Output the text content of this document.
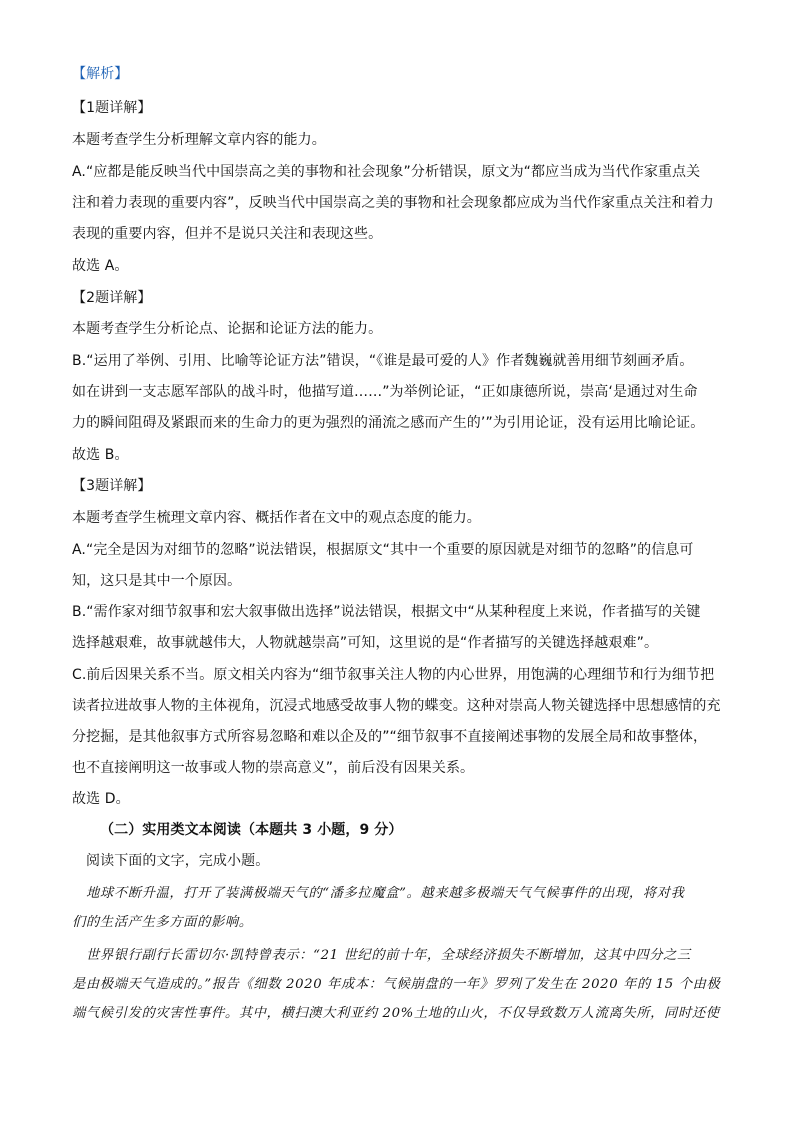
【解析】
【1题详解】
本题考查学生分析理解文章内容的能力。
A.“应都是能反映当代中国崇高之美的事物和社会现象”分析错误，原文为“都应当成为当代作家重点关
注和着力表现的重要内容”，反映当代中国崇高之美的事物和社会现象都应成为当代作家重点关注和着力
表现的重要内容，但并不是说只关注和表现这些。
故选 A。
【2题详解】
本题考查学生分析论点、论据和论证方法的能力。
B.“运用了举例、引用、比喻等论证方法”错误，“《谁是最可爱的人》作者魏巍就善用细节刻画矛盾。
如在讲到一支志愿军部队的战斗时，他描写道……”为举例论证，“正如康德所说，崇高‘是通过对生命
力的瞬间阻碍及紧跟而来的生命力的更为强烈的涌流之感而产生的’”为引用论证，没有运用比喻论证。
故选 B。
【3题详解】
本题考查学生梳理文章内容、概括作者在文中的观点态度的能力。
A.“完全是因为对细节的忽略”说法错误，根据原文“其中一个重要的原因就是对细节的忽略”的信息可
知，这只是其中一个原因。
B.“需作家对细节叙事和宏大叙事做出选择”说法错误，根据文中“从某种程度上来说，作者描写的关键
选择越艰难，故事就越伟大，人物就越崇高”可知，这里说的是“作者描写的关键选择越艰难”。
C.前后因果关系不当。原文相关内容为“细节叙事关注人物的内心世界，用饱满的心理细节和行为细节把
读者拉进故事人物的主体视角，沉浸式地感受故事人物的蝶变。这种对崇高人物关键选择中思想感情的充
分挖掘，是其他叙事方式所容易忽略和难以企及的”“细节叙事不直接阐述事物的发展全局和故事整体，
也不直接阐明这一故事或人物的崇高意义”，前后没有因果关系。
故选 D。
（二）实用类文本阅读（本题共 3 小题，9 分）
阅读下面的文字，完成小题。
地球不断升温，打开了装满极端天气的“潘多拉魔盒”。越来越多极端天气气候事件的出现，将对我
们的生活产生多方面的影响。
世界银行副行长雷切尔·凯特曾表示：“21 世纪的前十年，全球经济损失不断增加，这其中四分之三
是由极端天气造成的。”报告《细数 2020 年成本：气候崩盘的一年》罗列了发生在 2020 年的 15 个由极
端气候引发的灾害性事件。其中，横扫澳大利亚约 20%土地的山火，不仅导致数万人流离失所，同时还使
